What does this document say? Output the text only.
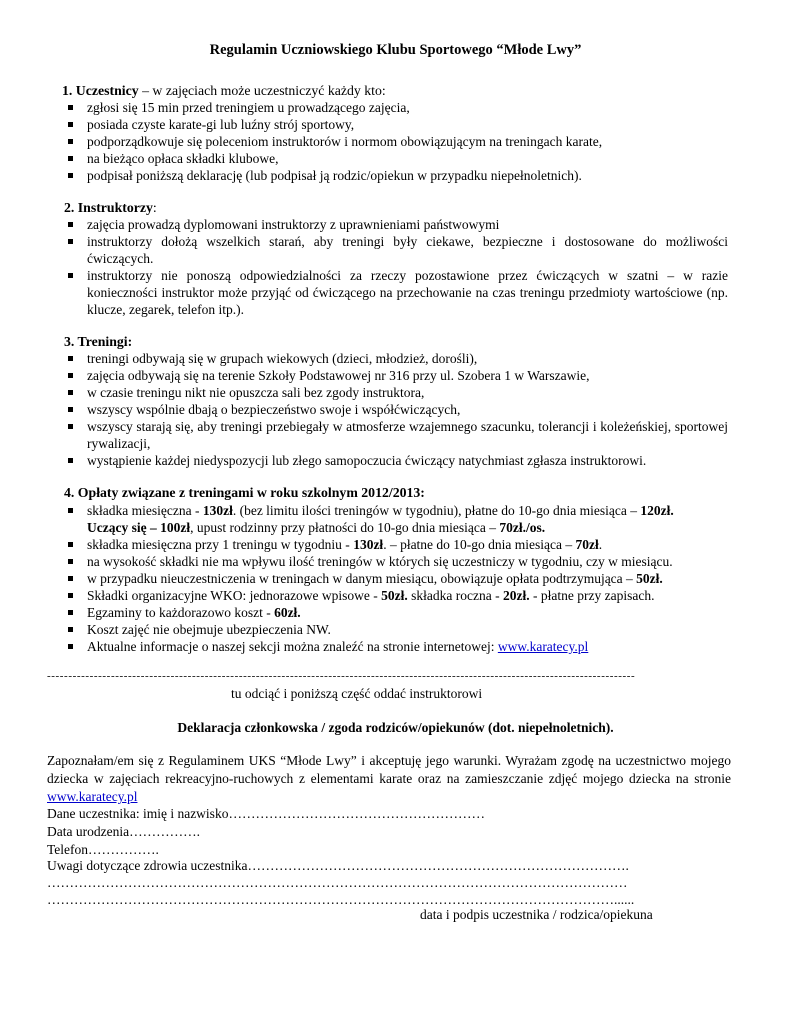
Regulamin Uczniowskiego Klubu Sportowego “Młode Lwy”
1. Uczestnicy – w zajęciach może uczestniczyć każdy kto:
zgłosi się 15 min przed treningiem u prowadzącego zajęcia,
posiada czyste karate-gi lub luźny strój sportowy,
podporządkowuje się poleceniom instruktorów i normom obowiązującym na treningach karate,
na bieżąco opłaca składki klubowe,
podpisał poniższą deklarację (lub podpisał ją rodzic/opiekun w przypadku niepełnoletnich).
2. Instruktorzy:
zajęcia prowadzą dyplomowani instruktorzy z uprawnieniami państwowymi
instruktorzy dołożą wszelkich starań, aby treningi były ciekawe, bezpieczne i dostosowane do możliwości ćwiczących.
instruktorzy nie ponoszą odpowiedzialności za rzeczy pozostawione przez ćwiczących w szatni – w razie konieczności instruktor może przyjąć od ćwiczącego na przechowanie na czas treningu przedmioty wartościowe (np. klucze, zegarek, telefon itp.).
3. Treningi:
treningi odbywają się w grupach wiekowych (dzieci, młodzież, dorośli),
zajęcia odbywają się na terenie Szkoły Podstawowej nr 316 przy ul. Szobera 1 w Warszawie,
w czasie treningu nikt nie opuszcza sali bez zgody instruktora,
wszyscy wspólnie dbają o bezpieczeństwo swoje i współćwiczących,
wszyscy starają się, aby treningi przebiegały w atmosferze wzajemnego szacunku, tolerancji i koleżeńskiej, sportowej rywalizacji,
wystąpienie każdej niedyspozycji lub złego samopoczucia ćwiczący natychmiast zgłasza instruktorowi.
4. Opłaty związane z treningami w roku szkolnym 2012/2013:
składka miesięczna - 130zł. (bez limitu ilości treningów w tygodniu), płatne do 10-go dnia miesiąca – 120zł.
Uczący się – 100zł, upust rodzinny przy płatności do 10-go dnia miesiąca – 70zł./os.
składka miesięczna przy 1 treningu w tygodniu - 130zł. – płatne do 10-go dnia miesiąca – 70zł.
na wysokość składki nie ma wpływu ilość treningów w których się uczestniczy w tygodniu, czy w miesiącu.
w przypadku nieuczestniczenia w treningach w danym miesiącu, obowiązuje opłata podtrzymująca – 50zł.
Składki organizacyjne WKO: jednorazowe wpisowe - 50zł. składka roczna - 20zł. - płatne przy zapisach.
Egzaminy to każdorazowo koszt - 60zł.
Koszt zajęć nie obejmuje ubezpieczenia NW.
Aktualne informacje o naszej sekcji można znaleźć na stronie internetowej: www.karatecy.pl
------------------------------------------------------------------------------------------------------------------------------------------
tu odciąć i poniższą część oddać instruktorowi
Deklaracja członkowska / zgoda rodziców/opiekunów (dot. niepełnoletnich).
Zapoznałam/em się z Regulaminem UKS “Młode Lwy” i akceptuję jego warunki. Wyrażam zgodę na uczestnictwo mojego dziecka w zajęciach rekreacyjno-ruchowych z elementami karate oraz na zamieszczanie zdjęć mojego dziecka na stronie www.karatecy.pl
Dane uczestnika: imię i nazwisko…………………………………………………
Data urodzenia…………….
Telefon…………….
Uwagi dotyczące zdrowia uczestnika………………………………………………………………………….
…………………………………………………………………………………………………………………
………………………………………………………………………………………………………………......
data i podpis uczestnika / rodzica/opiekuna
